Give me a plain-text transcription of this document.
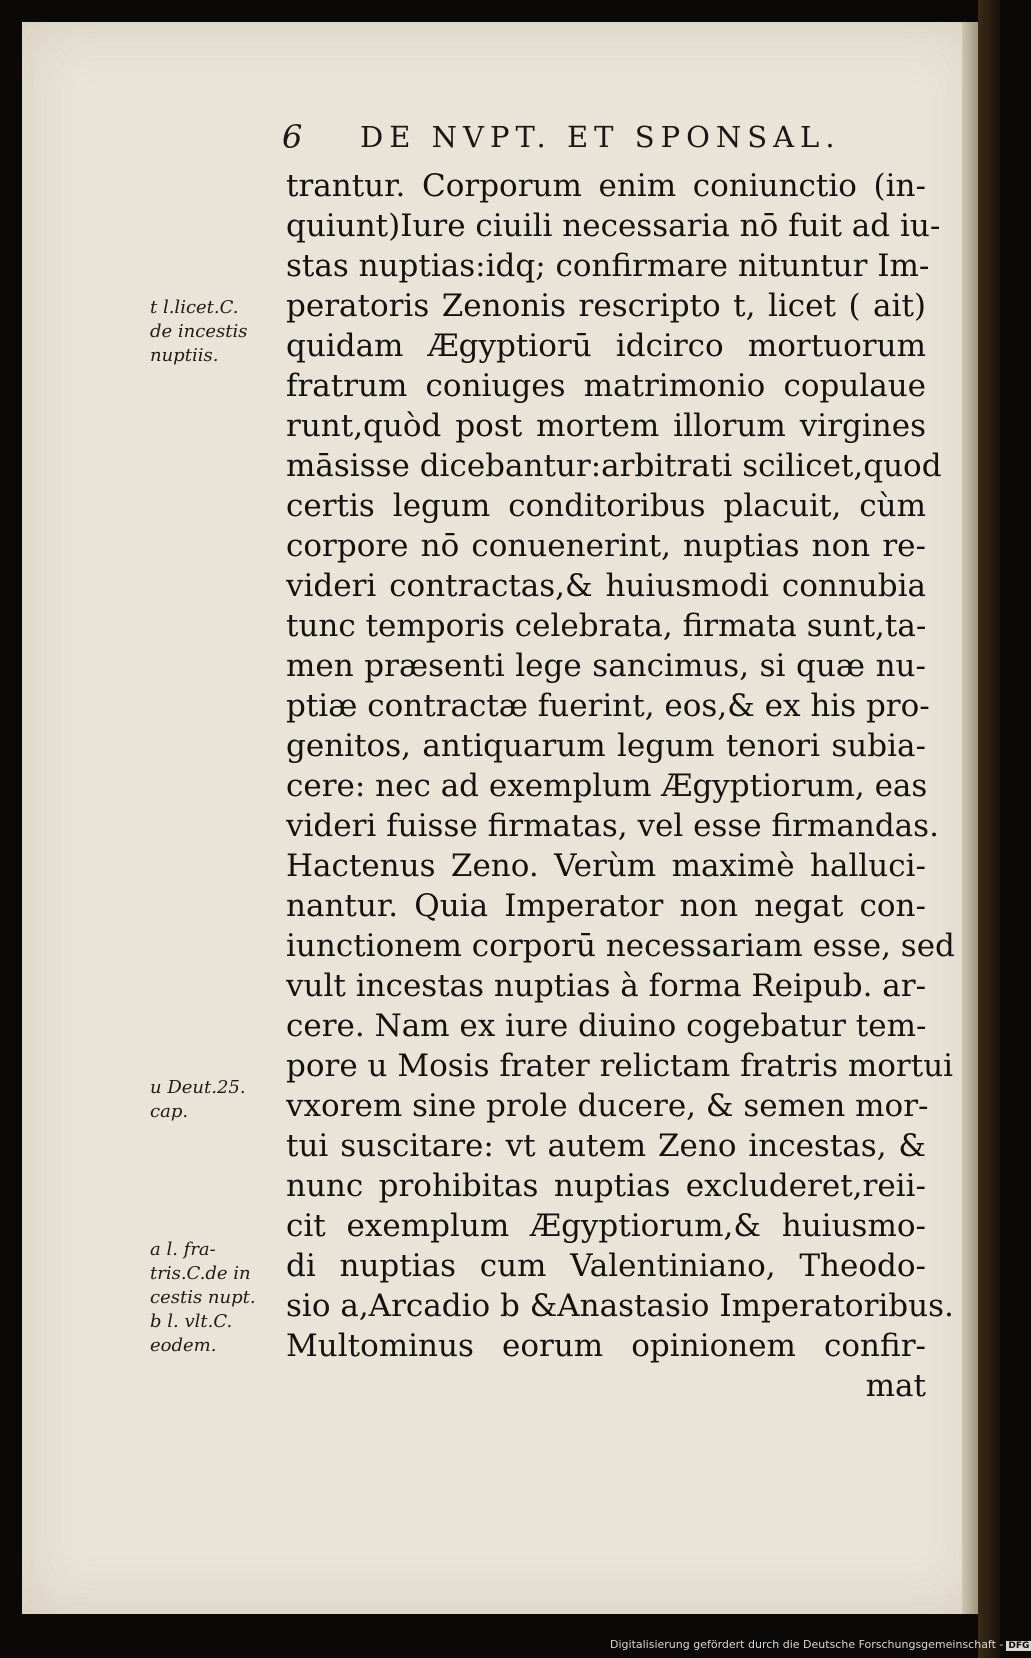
6 DE NVPT. ET SPONSAL.
trantur. Corporum enim coniunctio (in-
quiunt)Iure ciuili necessaria nō fuit ad iu-
stas nuptias:idq; confirmare nituntur Im-
peratoris Zenonis rescripto t, licet ( ait)
quidam Ægyptiorū idcirco mortuorum
fratrum coniuges matrimonio copulaue
runt,quòd post mortem illorum virgines
māsisse dicebantur:arbitrati scilicet,quod
certis legum conditoribus placuit, cùm
corpore nō conuenerint, nuptias non re-
videri contractas,& huiusmodi connubia
tunc temporis celebrata, firmata sunt,ta-
men præsenti lege sancimus, si quæ nu-
ptiæ contractæ fuerint, eos,& ex his pro-
genitos, antiquarum legum tenori subia-
cere: nec ad exemplum Ægyptiorum, eas
videri fuisse firmatas, vel esse firmandas.
Hactenus Zeno. Verùm maximè halluci-
nantur. Quia Imperator non negat con-
iunctionem corporū necessariam esse, sed
vult incestas nuptias à forma Reipub. ar-
cere. Nam ex iure diuino cogebatur tem-
pore u Mosis frater relictam fratris mortui
vxorem sine prole ducere, & semen mor-
tui suscitare: vt autem Zeno incestas, &
nunc prohibitas nuptias excluderet,reii-
cit exemplum Ægyptiorum,& huiusmo-
di nuptias cum Valentiniano, Theodo-
sio a,Arcadio b &Anastasio Imperatoribus.
Multominus eorum opinionem confir-
mat
t l.licet.C.
de incestis
nuptiis.
u Deut.25.
cap.
a l. fra-
tris.C.de in
cestis nupt.
b l. vlt.C.
eodem.
Digitalisierung gefördert durch die Deutsche Forschungsgemeinschaft - DFG
